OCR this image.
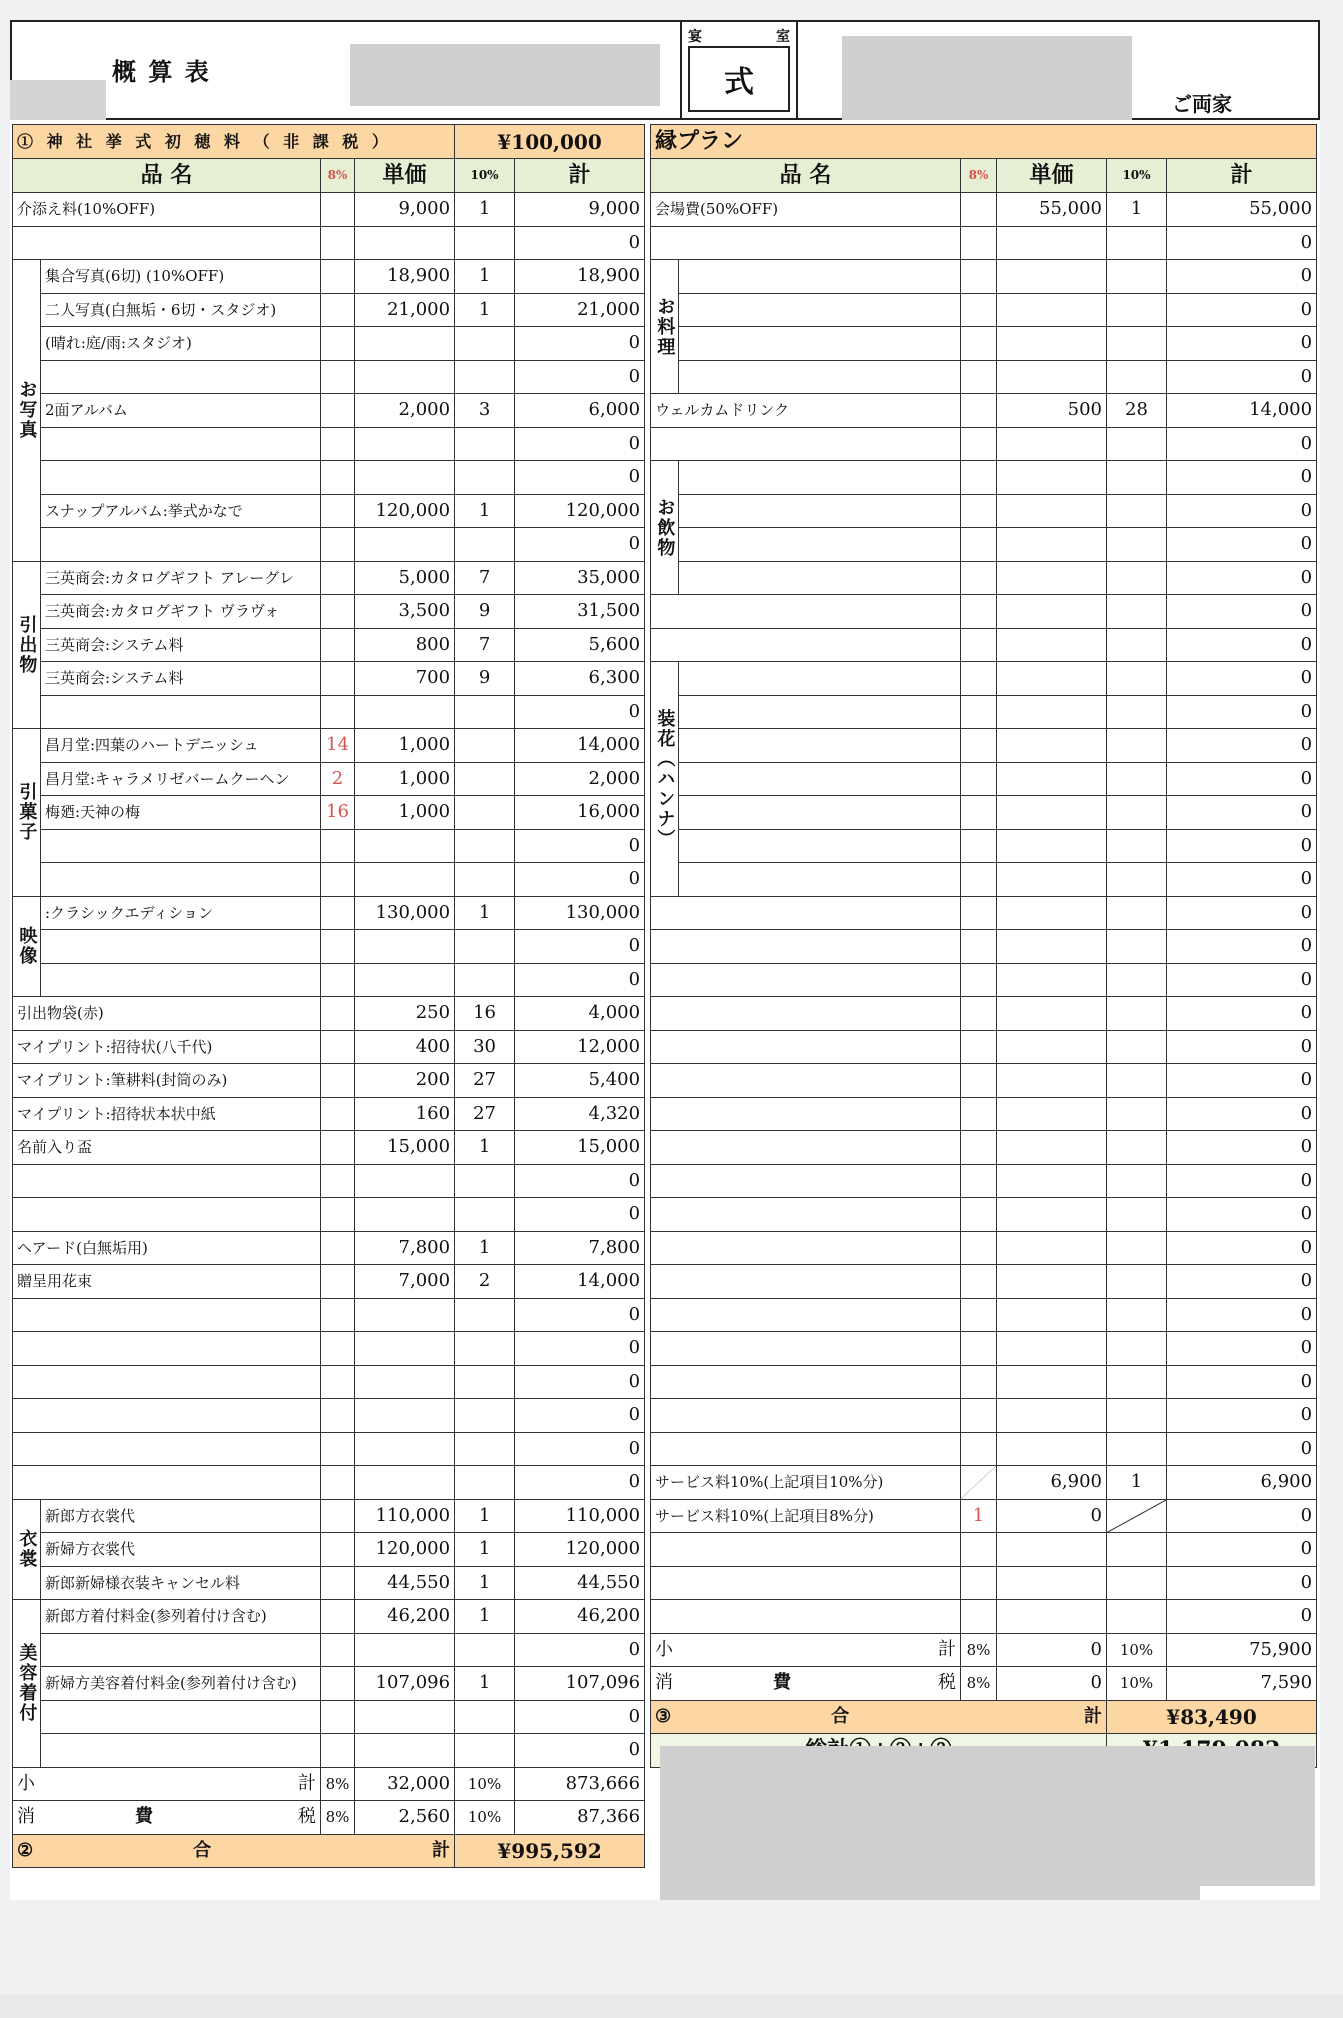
概 算 表
宴	室
式
ご両家
① 神 社 挙 式 初 穂 料 （ 非 課 税 ）				¥100,000	
品 名		8%	単価	10%	計
介添え料(10%OFF)			9,000	1	9,000
					0

お写真	集合写真(6切) (10%OFF)		18,900	1	18,900
	二人写真(白無垢・6切・スタジオ)		21,000	1	21,000
	(晴れ:庭/雨:スタジオ)				0
					0
	2面アルバム		2,000	3	6,000
					0
					0
	スナップアルバム:挙式かなで		120,000	1	120,000
					0

引出物	三英商会:カタログギフト アレーグレ		5,000	7	35,000
	三英商会:カタログギフト ヴラヴォ		3,500	9	31,500
	三英商会:システム料		800	7	5,600
	三英商会:システム料		700	9	6,300
					0

引菓子	昌月堂:四葉のハートデニッシュ	14	1,000		14,000
	昌月堂:キャラメリゼバームクーヘン	2	1,000		2,000
	梅廼:天神の梅	16	1,000		16,000
					0
					0

映像	:クラシックエディション		130,000	1	130,000
					0
					0
引出物袋(赤)			250	16	4,000
マイプリント:招待状(八千代)			400	30	12,000
マイプリント:筆耕料(封筒のみ)			200	27	5,400
マイプリント:招待状本状中紙			160	27	4,320
名前入り盃			15,000	1	15,000
					0
					0
ヘアード(白無垢用)			7,800	1	7,800
贈呈用花束			7,000	2	14,000
					0
					0
					0
					0
					0
					0

衣裳	新郎方衣裳代		110,000	1	110,000
	新婦方衣裳代		120,000	1	120,000
	新郎新婦様衣装キャンセル料		44,550	1	44,550

美容着付	新郎方着付料金(参列着付け含む)		46,200	1	46,200
					0
	新婦方美容着付料金(参列着付け含む)		107,096	1	107,096
					0
					0
小 計		8%	32,000	10%	873,666
消 費 税		8%	2,560	10%	87,366
② 合 計				¥995,592	
縁プラン					
品 名		8%	単価	10%	計
会場費(50%OFF)			55,000	1	55,000
					0

お料理					0
					0
					0
					0
ウェルカムドリンク			500	28	14,000
					0

お飲物					0
					0
					0
					0
					0
					0

装花（ハンナ）					0
					0
					0
					0
					0
					0
					0
					0
					0
					0
					0
					0
					0
					0
					0
					0
					0
					0
					0
					0
					0
					0
					0
					0
サービス料10%(上記項目10%分)			6,900	1	6,900
サービス料10%(上記項目8%分)		1	0		0
					0
					0
					0
小 計		8%	0	10%	75,900
消 費 税		8%	0	10%	7,590
③ 合 計				¥83,490	
